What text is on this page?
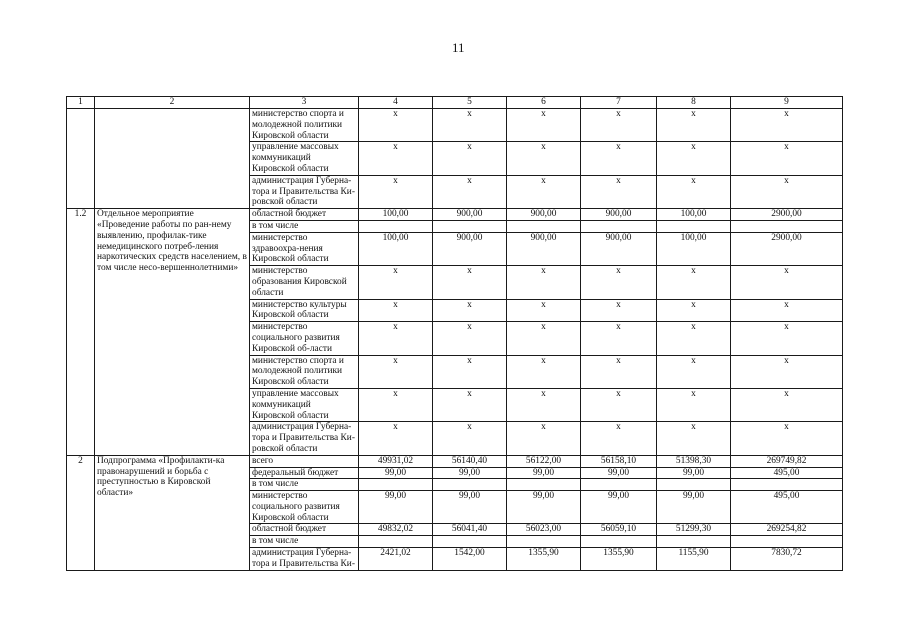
11
1	2	3	4	5	6	7	8	9
		министерство спорта и молодежной политики Кировской области	x	x	x	x	x	x
		управление массовых коммуникаций Кировской области	x	x	x	x	x	x
		администрация Губерна-тора и Правительства Ки-ровской области	x	x	x	x	x	x
1.2	Отдельное мероприятие «Проведение работы по ран-нему выявлению, профилак-тике немедицинского потреб-ления наркотических средств населением, в том числе несо-вершеннолетними»	областной бюджет	100,00	900,00	900,00	900,00	100,00	2900,00
		в том числе						
		министерство здравоохра-нения Кировской области	100,00	900,00	900,00	900,00	100,00	2900,00
		министерство образования Кировской области	x	x	x	x	x	x
		министерство культуры Кировской области	x	x	x	x	x	x
		министерство социального развития Кировской об-ласти	x	x	x	x	x	x
		министерство спорта и молодежной политики Кировской области	x	x	x	x	x	x
		управление массовых коммуникаций Кировской области	x	x	x	x	x	x
		администрация Губерна-тора и Правительства Ки-ровской области	x	x	x	x	x	x
2	Подпрограмма «Профилакти-ка правонарушений и борьба с преступностью в Кировской области»	всего	49931,02	56140,40	56122,00	56158,10	51398,30	269749,82
		федеральный бюджет	99,00	99,00	99,00	99,00	99,00	495,00
		в том числе						
		министерство социального развития Кировской области	99,00	99,00	99,00	99,00	99,00	495,00
		областной бюджет	49832,02	56041,40	56023,00	56059,10	51299,30	269254,82
		в том числе						
		администрация Губерна-тора и Правительства Ки-	2421,02	1542,00	1355,90	1355,90	1155,90	7830,72
